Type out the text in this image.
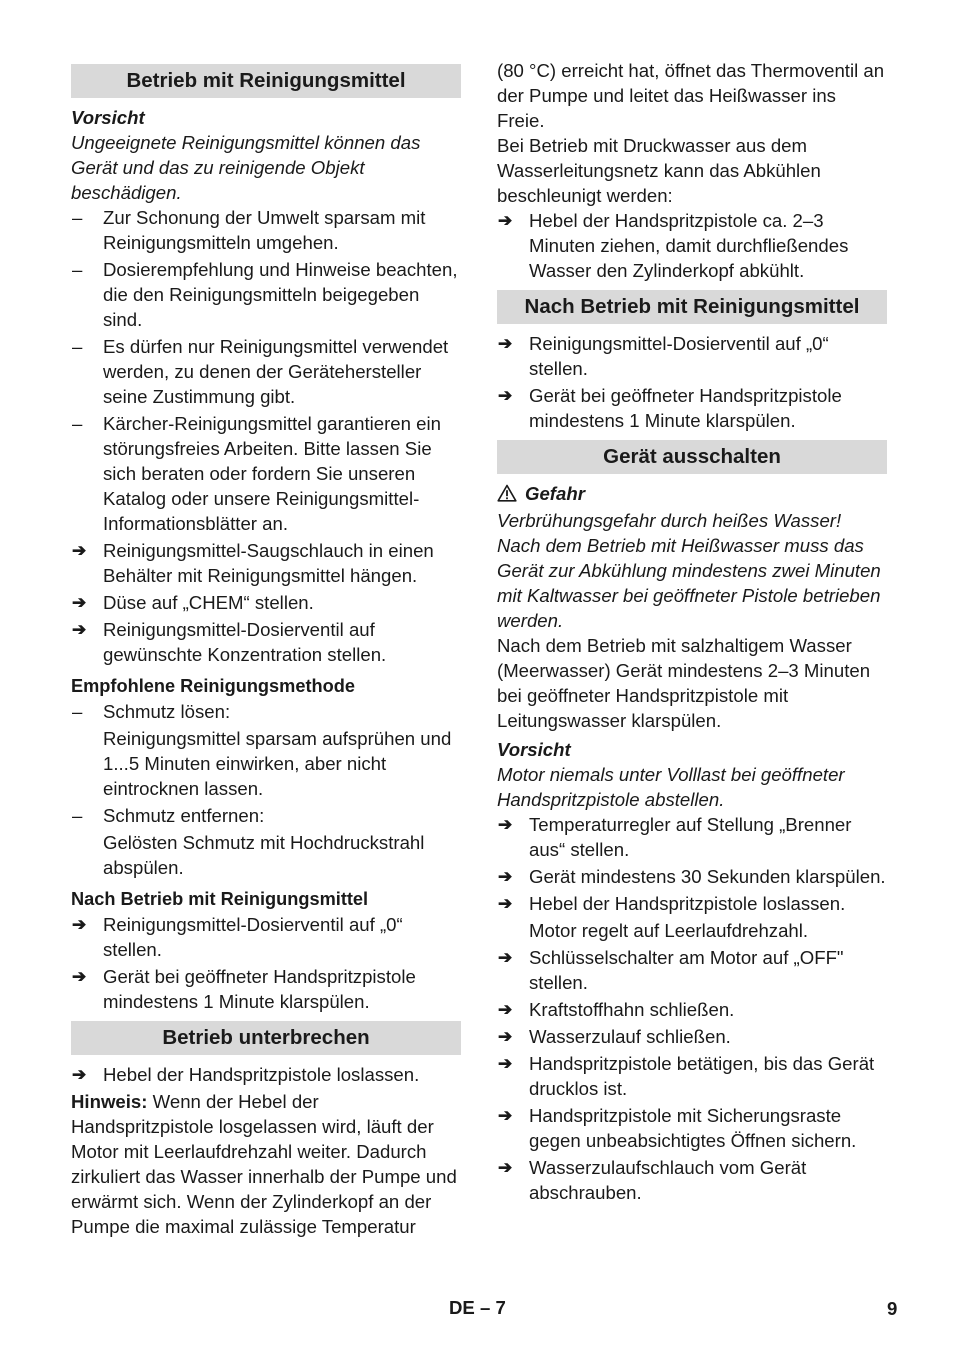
Betrieb mit Reinigungsmittel
Vorsicht
Ungeeignete Reinigungsmittel können das Gerät und das zu reinigende Objekt beschädigen.
–	Zur Schonung der Umwelt sparsam mit Reinigungsmitteln umgehen.
–	Dosierempfehlung und Hinweise beachten, die den Reinigungsmitteln beigegeben sind.
–	Es dürfen nur Reinigungsmittel verwendet werden, zu denen der Gerätehersteller seine Zustimmung gibt.
–	Kärcher-Reinigungsmittel garantieren ein störungsfreies Arbeiten. Bitte lassen Sie sich beraten oder fordern Sie unseren Katalog oder unsere Reinigungsmittel-Informationsblätter an.
➔ Reinigungsmittel-Saugschlauch in einen Behälter mit Reinigungsmittel hängen.
➔ Düse auf „CHEM“ stellen.
➔ Reinigungsmittel-Dosierventil auf gewünschte Konzentration stellen.
Empfohlene Reinigungsmethode
–	Schmutz lösen:
Reinigungsmittel sparsam aufsprühen und 1...5 Minuten einwirken, aber nicht eintrocknen lassen.
–	Schmutz entfernen:
Gelösten Schmutz mit Hochdruckstrahl abspülen.
Nach Betrieb mit Reinigungsmittel
➔ Reinigungsmittel-Dosierventil auf „0“ stellen.
➔ Gerät bei geöffneter Handspritzpistole mindestens 1 Minute klarspülen.
Betrieb unterbrechen
➔ Hebel der Handspritzpistole loslassen.
Hinweis: Wenn der Hebel der Handspritzpistole losgelassen wird, läuft der Motor mit Leerlaufdrehzahl weiter. Dadurch zirkuliert das Wasser innerhalb der Pumpe und erwärmt sich. Wenn der Zylinderkopf an der Pumpe die maximal zulässige Temperatur
(80 °C) erreicht hat, öffnet das Thermoventil an der Pumpe und leitet das Heißwasser ins Freie.
Bei Betrieb mit Druckwasser aus dem Wasserleitungsnetz kann das Abkühlen beschleunigt werden:
➔ Hebel der Handspritzpistole ca. 2–3 Minuten ziehen, damit durchfließendes Wasser den Zylinderkopf abkühlt.
Nach Betrieb mit Reinigungsmittel
➔ Reinigungsmittel-Dosierventil auf „0“ stellen.
➔ Gerät bei geöffneter Handspritzpistole mindestens 1 Minute klarspülen.
Gerät ausschalten
Gefahr
Verbrühungsgefahr durch heißes Wasser! Nach dem Betrieb mit Heißwasser muss das Gerät zur Abkühlung mindestens zwei Minuten mit Kaltwasser bei geöffneter Pistole betrieben werden.
Nach dem Betrieb mit salzhaltigem Wasser (Meerwasser) Gerät mindestens 2–3 Minuten bei geöffneter Handspritzpistole mit Leitungswasser klarspülen.
Vorsicht
Motor niemals unter Volllast bei geöffneter Handspritzpistole abstellen.
➔ Temperaturregler auf Stellung „Brenner aus“ stellen.
➔ Gerät mindestens 30 Sekunden klarspülen.
➔ Hebel der Handspritzpistole loslassen.
Motor regelt auf Leerlaufdrehzahl.
➔ Schlüsselschalter am Motor auf „OFF" stellen.
➔ Kraftstoffhahn schließen.
➔ Wasserzulauf schließen.
➔ Handspritzpistole betätigen, bis das Gerät drucklos ist.
➔ Handspritzpistole mit Sicherungsraste gegen unbeabsichtigtes Öffnen sichern.
➔ Wasserzulaufschlauch vom Gerät abschrauben.
DE – 7	9
